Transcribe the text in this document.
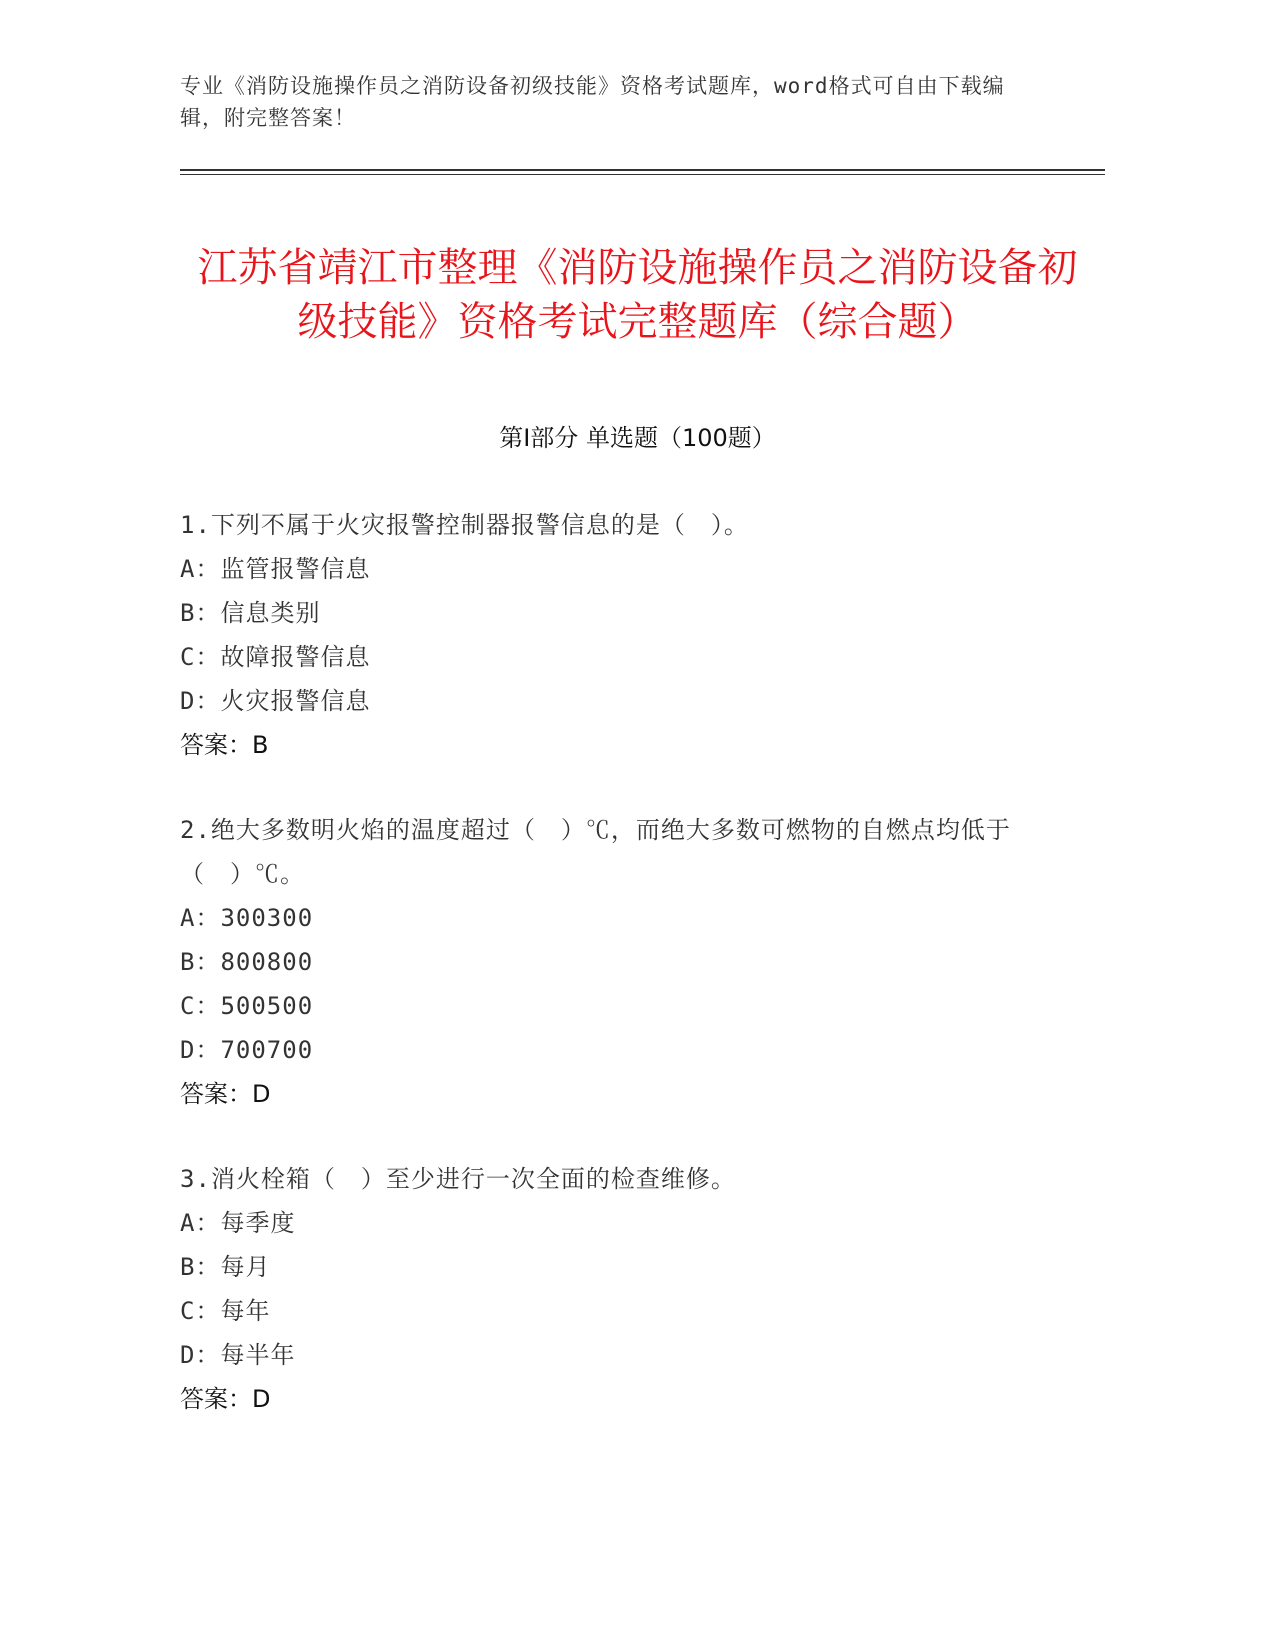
专业《消防设施操作员之消防设备初级技能》资格考试题库，word格式可自由下载编辑，附完整答案！
江苏省靖江市整理《消防设施操作员之消防设备初级技能》资格考试完整题库（综合题）
第Ⅰ部分 单选题（100题）

1.下列不属于火灾报警控制器报警信息的是（　）。

A：监管报警信息

B：信息类别

C：故障报警信息

D：火灾报警信息

答案：B

2.绝大多数明火焰的温度超过（　）℃，而绝大多数可燃物的自燃点均低于（　）℃。

A：300300

B：800800

C：500500

D：700700

答案：D

3.消火栓箱（　）至少进行一次全面的检查维修。

A：每季度

B：每月

C：每年

D：每半年

答案：D
